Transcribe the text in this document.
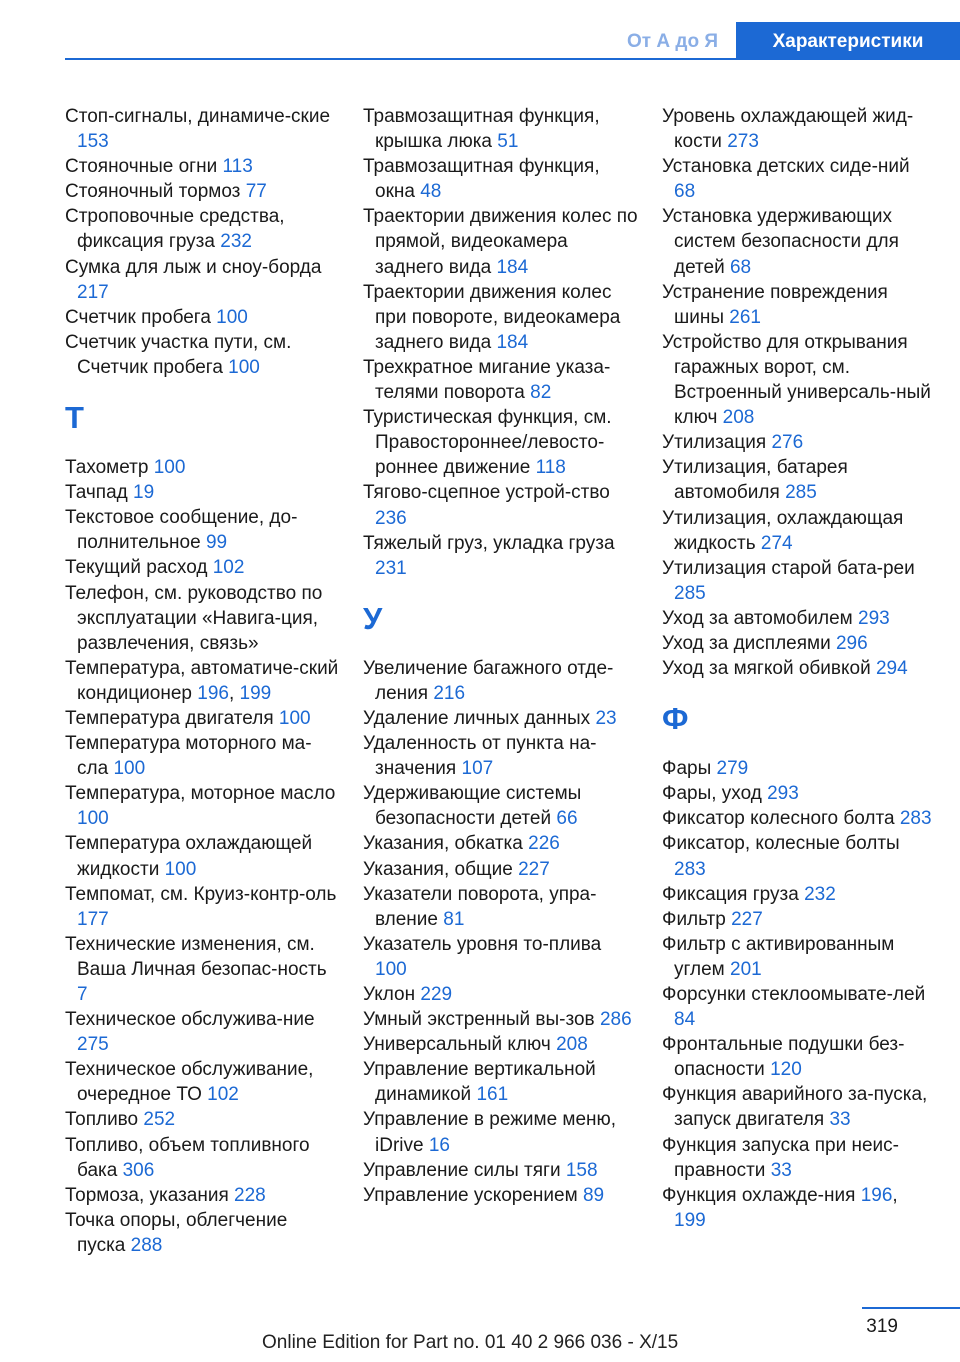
От А до Я	Характеристики
Стоп-сигналы, динамиче-ские 153
Стояночные огни 113
Стояночный тормоз 77
Строповочные средства, фиксация груза 232
Сумка для лыж и сноу-борда 217
Счетчик пробега 100
Счетчик участка пути, см. Счетчик пробега 100
Т
Тахометр 100
Тачпад 19
Текстовое сообщение, до-полнительное 99
Текущий расход 102
Телефон, см. руководство по эксплуатации «Навига-ция, развлечения, связь»
Температура, автоматиче-ский кондиционер 196, 199
Температура двигателя 100
Температура моторного ма-сла 100
Температура, моторное масло 100
Температура охлаждающей жидкости 100
Темпомат, см. Круиз-контр-оль 177
Технические изменения, см. Ваша Личная безопас-ность 7
Техническое обслужива-ние 275
Техническое обслуживание, очередное ТО 102
Топливо 252
Топливо, объем топливного бака 306
Тормоза, указания 228
Точка опоры, облегчение пуска 288
Травмозащитная функция, крышка люка 51
Травмозащитная функция, окна 48
Траектории движения колес по прямой, видеокамера заднего вида 184
Траектории движения колес при повороте, видеокамера заднего вида 184
Трехкратное мигание указа-телями поворота 82
Туристическая функция, см. Правостороннее/левосто-роннее движение 118
Тягово-сцепное устрой-ство 236
Тяжелый груз, укладка груза 231
У
Увеличение багажного отде-ления 216
Удаление личных данных 23
Удаленность от пункта на-значения 107
Удерживающие системы безопасности детей 66
Указания, обкатка 226
Указания, общие 227
Указатели поворота, упра-вление 81
Указатель уровня то-плива 100
Уклон 229
Умный экстренный вы-зов 286
Универсальный ключ 208
Управление вертикальной динамикой 161
Управление в режиме меню, iDrive 16
Управление силы тяги 158
Управление ускорением 89
Уровень охлаждающей жид-кости 273
Установка детских сиде-ний 68
Установка удерживающих систем безопасности для детей 68
Устранение повреждения шины 261
Устройство для открывания гаражных ворот, см. Встроенный универсаль-ный ключ 208
Утилизация 276
Утилизация, батарея автомобиля 285
Утилизация, охлаждающая жидкость 274
Утилизация старой бата-реи 285
Уход за автомобилем 293
Уход за дисплеями 296
Уход за мягкой обивкой 294
Ф
Фары 279
Фары, уход 293
Фиксатор колесного болта 283
Фиксатор, колесные болты 283
Фиксация груза 232
Фильтр 227
Фильтр с активированным углем 201
Форсунки стеклоомывате-лей 84
Фронтальные подушки без-опасности 120
Функция аварийного за-пуска, запуск двигателя 33
Функция запуска при неис-правности 33
Функция охлажде-ния 196, 199
319
Online Edition for Part no. 01 40 2 966 036 - X/15
